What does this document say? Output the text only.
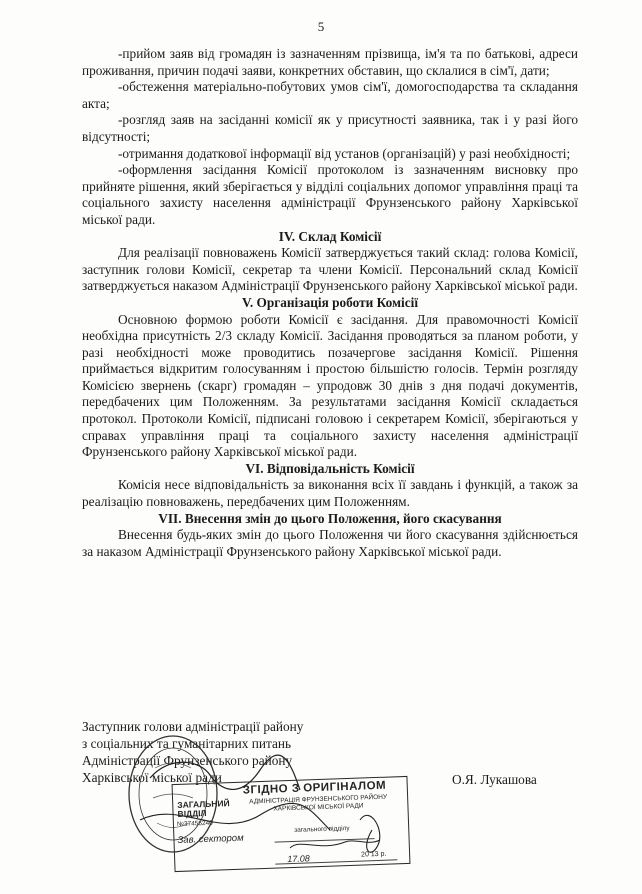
5

-прийом заяв від громадян із зазначенням прізвища, ім'я та по батькові, адреси проживання, причин подачі заяви, конкретних обставин, що склалися в сім'ї, дати;

-обстеження матеріально-побутових умов сім'ї, домогосподарства та складання акта;

-розгляд заяв на засіданні комісії як у присутності заявника, так і у разі його відсутності;

-отримання додаткової інформації від установ (організацій) у разі необхідності;

-оформлення засідання Комісії протоколом із зазначенням висновку про прийняте рішення, який зберігається у відділі соціальних допомог управління праці та соціального захисту населення адміністрації Фрунзенського району Харківської міської ради.

IV. Склад Комісії

Для реалізації повноважень Комісії затверджується такий склад: голова Комісії, заступник голови Комісії, секретар та члени Комісії. Персональний склад Комісії затверджується наказом Адміністрації Фрунзенського району Харківської міської ради.

V. Організація роботи Комісії

Основною формою роботи Комісії є засідання. Для правомочності Комісії необхідна присутність 2/3 складу Комісії. Засідання проводяться за планом роботи, у разі необхідності може проводитись позачергове засідання Комісії. Рішення приймається відкритим голосуванням і простою більшістю голосів. Термін розгляду Комісією звернень (скарг) громадян – упродовж 30 днів з дня подачі документів, передбачених цим Положенням. За результатами засідання Комісії складається протокол. Протоколи Комісії, підписані головою і секретарем Комісії, зберігаються у справах управління праці та соціального захисту населення адміністрації Фрунзенського району Харківської міської ради.

VI. Відповідальність Комісії

Комісія несе відповідальність за виконання всіх її завдань і функцій, а також за реалізацію повноважень, передбачених цим Положенням.

VII. Внесення змін до цього Положення, його скасування

Внесення будь-яких змін до цього Положення чи його скасування здійснюється за наказом Адміністрації Фрунзенського району Харківської міської ради.

Заступник голови адміністрації району
з соціальних та гуманітарних питань
Адміністрації Фрунзенського району
Харківської міської ради	О.Я. Лукашова
ЗГІДНО З ОРИГІНАЛОМ
ЗАГАЛЬНИЙ ВІДДІЛ
АДМІНІСТРАЦІЯ ФРУНЗЕНСЬКОГО РАЙОНУ ХАРКІВСЬКОЇ МІСЬКОЇ РАДИ
№37456240
Зав. сектором
загального відділу
17.08	20 13 р.
